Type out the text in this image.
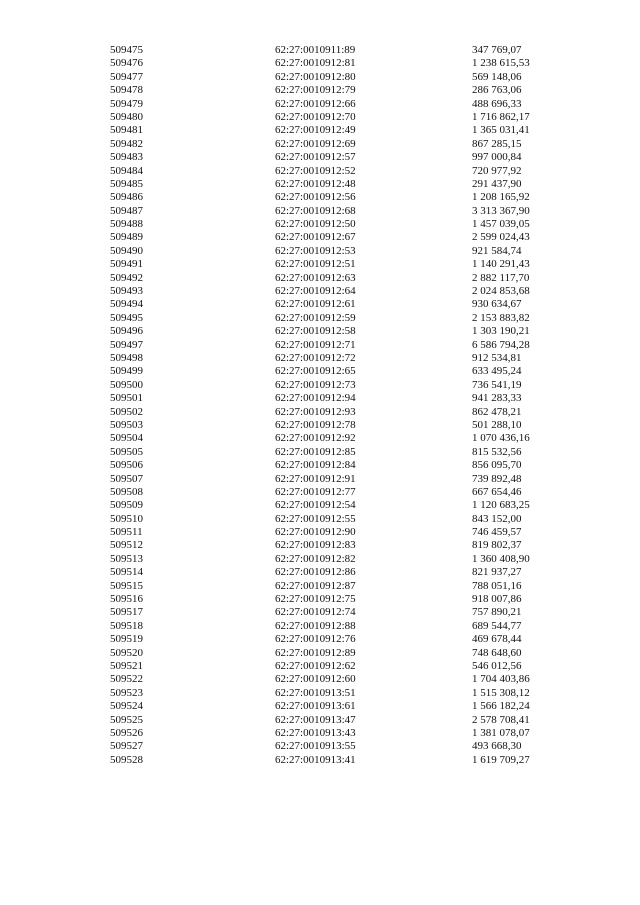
509475	62:27:0010911:89	347 769,07
509476	62:27:0010912:81	1 238 615,53
509477	62:27:0010912:80	569 148,06
509478	62:27:0010912:79	286 763,06
509479	62:27:0010912:66	488 696,33
509480	62:27:0010912:70	1 716 862,17
509481	62:27:0010912:49	1 365 031,41
509482	62:27:0010912:69	867 285,15
509483	62:27:0010912:57	997 000,84
509484	62:27:0010912:52	720 977,92
509485	62:27:0010912:48	291 437,90
509486	62:27:0010912:56	1 208 165,92
509487	62:27:0010912:68	3 313 367,90
509488	62:27:0010912:50	1 457 039,05
509489	62:27:0010912:67	2 599 024,43
509490	62:27:0010912:53	921 584,74
509491	62:27:0010912:51	1 140 291,43
509492	62:27:0010912:63	2 882 117,70
509493	62:27:0010912:64	2 024 853,68
509494	62:27:0010912:61	930 634,67
509495	62:27:0010912:59	2 153 883,82
509496	62:27:0010912:58	1 303 190,21
509497	62:27:0010912:71	6 586 794,28
509498	62:27:0010912:72	912 534,81
509499	62:27:0010912:65	633 495,24
509500	62:27:0010912:73	736 541,19
509501	62:27:0010912:94	941 283,33
509502	62:27:0010912:93	862 478,21
509503	62:27:0010912:78	501 288,10
509504	62:27:0010912:92	1 070 436,16
509505	62:27:0010912:85	815 532,56
509506	62:27:0010912:84	856 095,70
509507	62:27:0010912:91	739 892,48
509508	62:27:0010912:77	667 654,46
509509	62:27:0010912:54	1 120 683,25
509510	62:27:0010912:55	843 152,00
509511	62:27:0010912:90	746 459,57
509512	62:27:0010912:83	819 802,37
509513	62:27:0010912:82	1 360 408,90
509514	62:27:0010912:86	821 937,27
509515	62:27:0010912:87	788 051,16
509516	62:27:0010912:75	918 007,86
509517	62:27:0010912:74	757 890,21
509518	62:27:0010912:88	689 544,77
509519	62:27:0010912:76	469 678,44
509520	62:27:0010912:89	748 648,60
509521	62:27:0010912:62	546 012,56
509522	62:27:0010912:60	1 704 403,86
509523	62:27:0010913:51	1 515 308,12
509524	62:27:0010913:61	1 566 182,24
509525	62:27:0010913:47	2 578 708,41
509526	62:27:0010913:43	1 381 078,07
509527	62:27:0010913:55	493 668,30
509528	62:27:0010913:41	1 619 709,27
